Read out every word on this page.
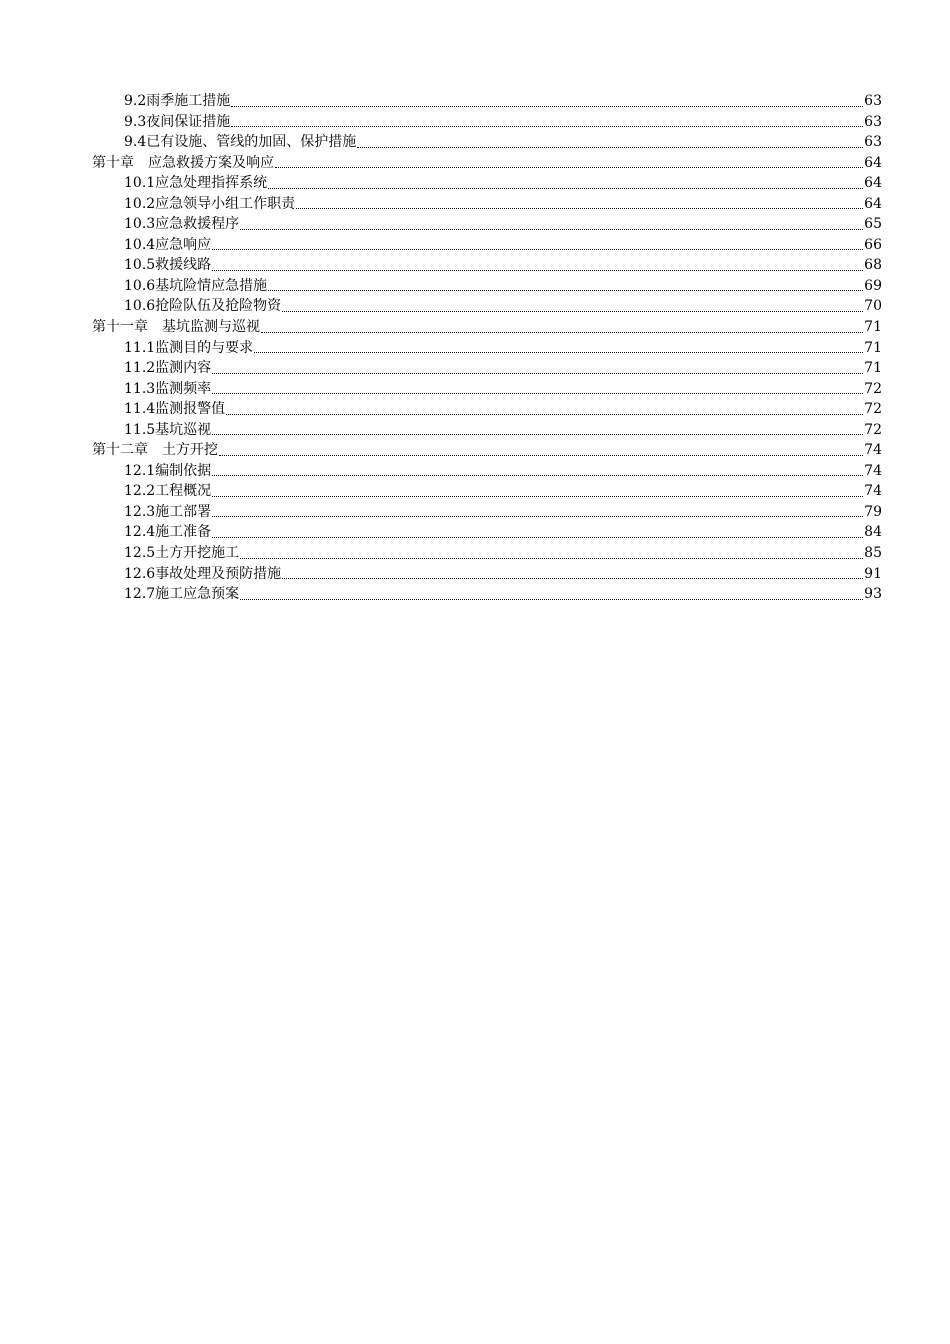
9.2雨季施工措施	63
9.3夜间保证措施	63
9.4已有设施、管线的加固、保护措施	63
第十章　应急救援方案及响应	64
10.1应急处理指挥系统	64
10.2应急领导小组工作职责	64
10.3应急救援程序	65
10.4应急响应	66
10.5救援线路	68
10.6基坑险情应急措施	69
10.6抢险队伍及抢险物资	70
第十一章　基坑监测与巡视	71
11.1监测目的与要求	71
11.2监测内容	71
11.3监测频率	72
11.4监测报警值	72
11.5基坑巡视	72
第十二章　土方开挖	74
12.1编制依据	74
12.2工程概况	74
12.3施工部署	79
12.4施工准备	84
12.5土方开挖施工	85
12.6事故处理及预防措施	91
12.7施工应急预案	93
